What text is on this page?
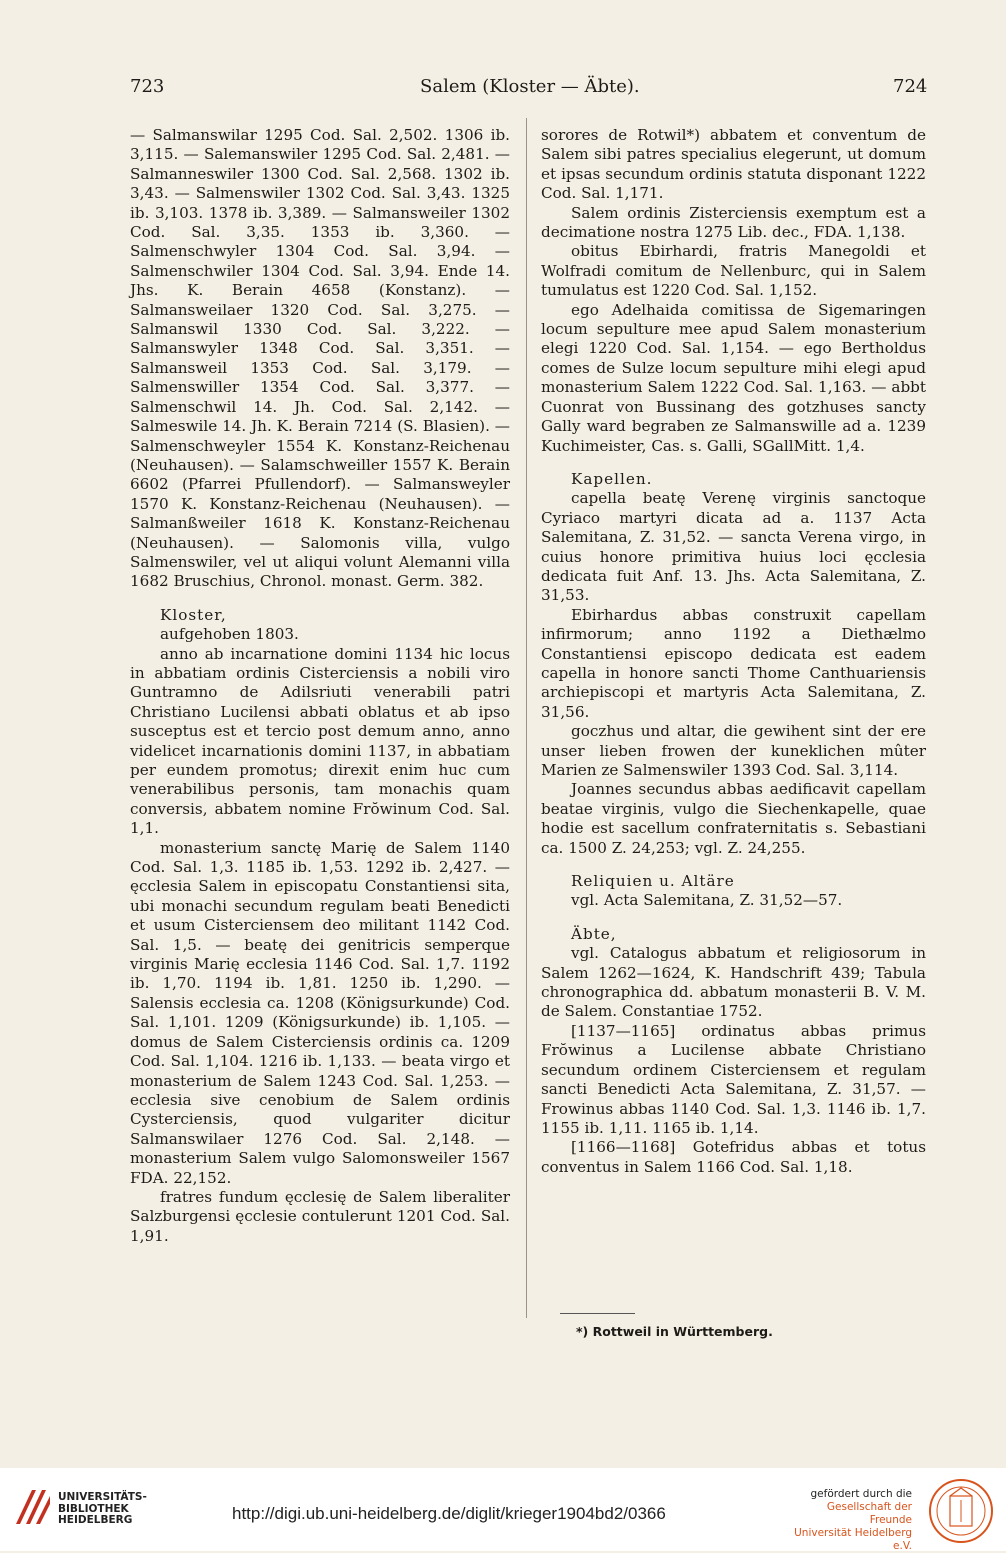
723	Salem (Kloster — Äbte).	724

— Salmanswilar 1295 Cod. Sal. 2,502. 1306 ib. 3,115. — Salemanswiler 1295 Cod. Sal. 2,481. — Salmanneswiler 1300 Cod. Sal. 2,568. 1302 ib. 3,43. — Salmenswiler 1302 Cod. Sal. 3,43. 1325 ib. 3,103. 1378 ib. 3,389. — Salmansweiler 1302 Cod. Sal. 3,35. 1353 ib. 3,360. — Salmenschwyler 1304 Cod. Sal. 3,94. — Salmenschwiler 1304 Cod. Sal. 3,94. Ende 14. Jhs. K. Berain 4658 (Konstanz). — Salmansweilaer 1320 Cod. Sal. 3,275. — Salmanswil 1330 Cod. Sal. 3,222. — Salmanswyler 1348 Cod. Sal. 3,351. — Salmansweil 1353 Cod. Sal. 3,179. — Salmenswiller 1354 Cod. Sal. 3,377. — Salmenschwil 14. Jh. Cod. Sal. 2,142. — Salmeswile 14. Jh. K. Berain 7214 (S. Blasien). — Salmenschweyler 1554 K. Konstanz-Reichenau (Neuhausen). — Salamschweiller 1557 K. Berain 6602 (Pfarrei Pfullendorf). — Salmansweyler 1570 K. Konstanz-Reichenau (Neuhausen). — Salmanßweiler 1618 K. Konstanz-Reichenau (Neuhausen). — Salomonis villa, vulgo Salmenswiler, vel ut aliqui volunt Alemanni villa 1682 Bruschius, Chronol. monast. Germ. 382.

Kloster,

aufgehoben 1803.

anno ab incarnatione domini 1134 hic locus in abbatiam ordinis Cisterciensis a nobili viro Guntramno de Adilsriuti venerabili patri Christiano Lucilensi abbati oblatus et ab ipso susceptus est et tercio post demum anno, anno videlicet incarnationis domini 1137, in abbatiam per eundem promotus; direxit enim huc cum venerabilibus personis, tam monachis quam conversis, abbatem nomine Frŏwinum Cod. Sal. 1,1.

monasterium sanctę Marię de Salem 1140 Cod. Sal. 1,3. 1185 ib. 1,53. 1292 ib. 2,427. — ęcclesia Salem in episcopatu Constantiensi sita, ubi monachi secundum regulam beati Benedicti et usum Cisterciensem deo militant 1142 Cod. Sal. 1,5. — beatę dei genitricis semperque virginis Marię ecclesia 1146 Cod. Sal. 1,7. 1192 ib. 1,70. 1194 ib. 1,81. 1250 ib. 1,290. — Salensis ecclesia ca. 1208 (Königsurkunde) Cod. Sal. 1,101. 1209 (Königsurkunde) ib. 1,105. — domus de Salem Cisterciensis ordinis ca. 1209 Cod. Sal. 1,104. 1216 ib. 1,133. — beata virgo et monasterium de Salem 1243 Cod. Sal. 1,253. — ecclesia sive cenobium de Salem ordinis Cysterciensis, quod vulgariter dicitur Salmanswilaer 1276 Cod. Sal. 2,148. — monasterium Salem vulgo Salomonsweiler 1567 FDA. 22,152.

fratres fundum ęcclesię de Salem liberaliter Salzburgensi ęcclesie contulerunt 1201 Cod. Sal. 1,91.

sorores de Rotwil*) abbatem et conventum de Salem sibi patres specialius elegerunt, ut domum et ipsas secundum ordinis statuta disponant 1222 Cod. Sal. 1,171.

Salem ordinis Zisterciensis exemptum est a decimatione nostra 1275 Lib. dec., FDA. 1,138.

obitus Ebirhardi, fratris Manegoldi et Wolfradi comitum de Nellenburc, qui in Salem tumulatus est 1220 Cod. Sal. 1,152.

ego Adelhaida comitissa de Sigemaringen locum sepulture mee apud Salem monasterium elegi 1220 Cod. Sal. 1,154. — ego Bertholdus comes de Sulze locum sepulture mihi elegi apud monasterium Salem 1222 Cod. Sal. 1,163. — abbt Cuonrat von Bussinang des gotzhuses sancty Gally ward begraben ze Salmanswille ad a. 1239 Kuchimeister, Cas. s. Galli, SGallMitt. 1,4.

Kapellen.

capella beatę Verenę virginis sanctoque Cyriaco martyri dicata ad a. 1137 Acta Salemitana, Z. 31,52. — sancta Verena virgo, in cuius honore primitiva huius loci ęcclesia dedicata fuit Anf. 13. Jhs. Acta Salemitana, Z. 31,53.

Ebirhardus abbas construxit capellam infirmorum; anno 1192 a Diethælmo Constantiensi episcopo dedicata est eadem capella in honore sancti Thome Canthuariensis archiepiscopi et martyris Acta Salemitana, Z. 31,56.

goczhus und altar, die gewihent sint der ere unser lieben frowen der kuneklichen mûter Marien ze Salmenswiler 1393 Cod. Sal. 3,114.

Joannes secundus abbas aedificavit capellam beatae virginis, vulgo die Siechenkapelle, quae hodie est sacellum confraternitatis s. Sebastiani ca. 1500 Z. 24,253; vgl. Z. 24,255.

Reliquien u. Altäre

vgl. Acta Salemitana, Z. 31,52—57.

Äbte,

vgl. Catalogus abbatum et religiosorum in Salem 1262—1624, K. Handschrift 439; Tabula chronographica dd. abbatum monasterii B. V. M. de Salem. Constantiae 1752.

[1137—1165] ordinatus abbas primus Frŏwinus a Lucilense abbate Christiano secundum ordinem Cisterciensem et regulam sancti Benedicti Acta Salemitana, Z. 31,57. — Frowinus abbas 1140 Cod. Sal. 1,3. 1146 ib. 1,7. 1155 ib. 1,11. 1165 ib. 1,14.

[1166—1168] Gotefridus abbas et totus conventus in Salem 1166 Cod. Sal. 1,18.

*) Rottweil in Württemberg.
UNIVERSITÄTS-
BIBLIOTHEK
HEIDELBERG	http://digi.ub.uni-heidelberg.de/diglit/krieger1904bd2/0366
gefördert durch die
Gesellschaft der Freunde
Universität Heidelberg e.V.
